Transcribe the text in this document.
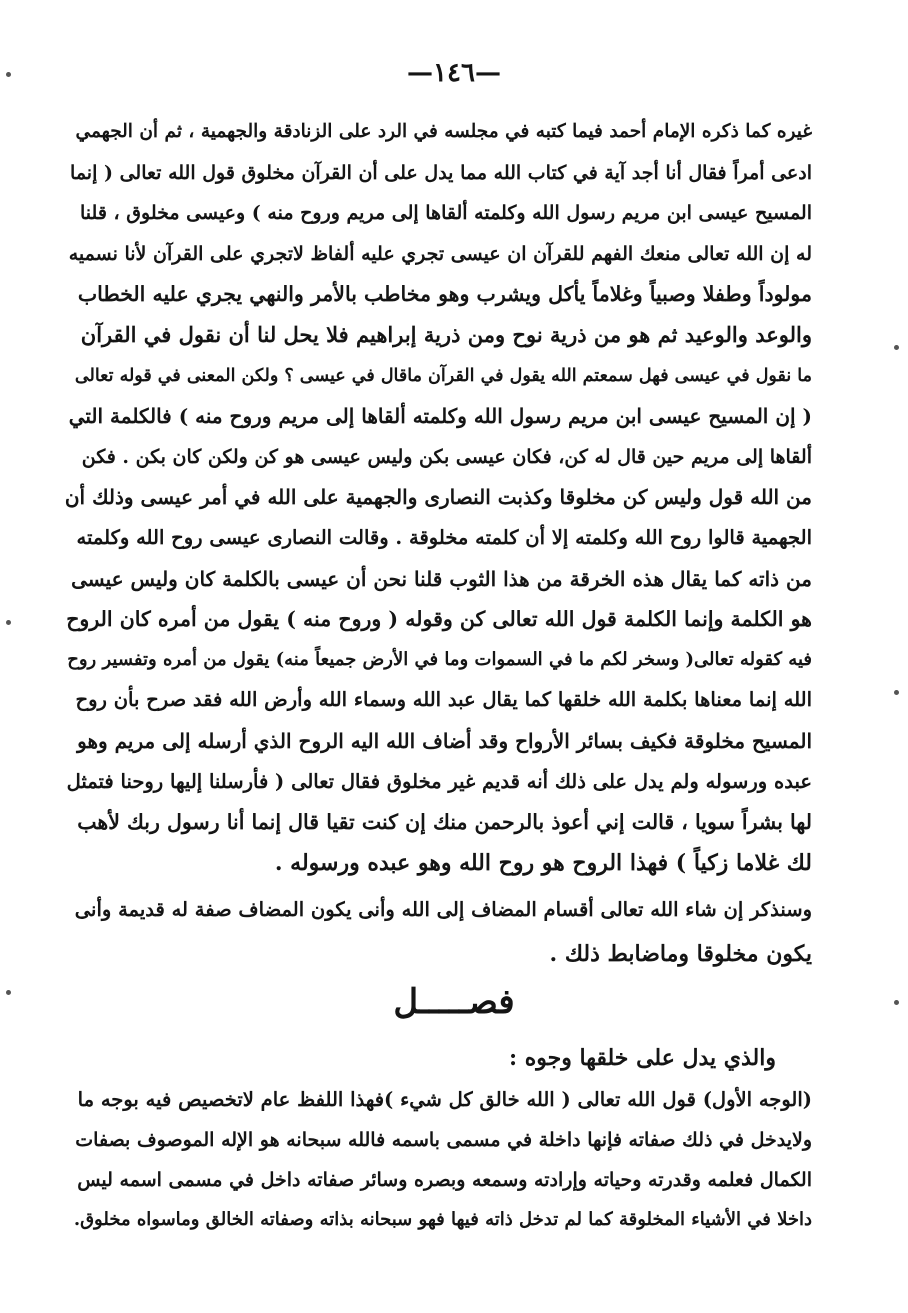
—١٤٦—
غيره كما ذكره الإمام أحمد فيما كتبه في مجلسه في الرد على الزنادقة والجهمية ، ثم أن الجهمي
ادعى أمراً فقال أنا أجد آية في كتاب الله مما يدل على أن القرآن مخلوق قول الله تعالى ( إنما
المسيح عيسى ابن مريم رسول الله وكلمته ألقاها إلى مريم وروح منه ) وعيسى مخلوق ، قلنا
له إن الله تعالى منعك الفهم للقرآن ان عيسى تجري عليه ألفاظ لاتجري على القرآن لأنا نسميه
مولوداً وطفلا وصبياً وغلاماً يأكل ويشرب وهو مخاطب بالأمر والنهي يجري عليه الخطاب
والوعد والوعيد ثم هو من ذرية نوح ومن ذرية إبراهيم فلا يحل لنا أن نقول في القرآن
ما نقول في عيسى فهل سمعتم الله يقول في القرآن ماقال في عيسى ؟ ولكن المعنى في قوله تعالى
( إن المسيح عيسى ابن مريم رسول الله وكلمته ألقاها إلى مريم وروح منه ) فالكلمة التي
ألقاها إلى مريم حين قال له كن، فكان عيسى بكن وليس عيسى هو كن ولكن كان بكن . فكن
من الله قول وليس كن مخلوقا وكذبت النصارى والجهمية على الله في أمر عيسى وذلك أن
الجهمية قالوا روح الله وكلمته إلا أن كلمته مخلوقة . وقالت النصارى عيسى روح الله وكلمته
من ذاته كما يقال هذه الخرقة من هذا الثوب قلنا نحن أن عيسى بالكلمة كان وليس عيسى
هو الكلمة وإنما الكلمة قول الله تعالى كن وقوله ( وروح منه ) يقول من أمره كان الروح
فيه كقوله تعالى( وسخر لكم ما في السموات وما في الأرض جميعاً منه) يقول من أمره وتفسير روح
الله إنما معناها بكلمة الله خلقها كما يقال عبد الله وسماء الله وأرض الله فقد صرح بأن روح
المسيح مخلوقة فكيف بسائر الأرواح وقد أضاف الله اليه الروح الذي أرسله إلى مريم وهو
عبده ورسوله ولم يدل على ذلك أنه قديم غير مخلوق فقال تعالى ( فأرسلنا إليها روحنا فتمثل
لها بشراً سويا ، قالت إني أعوذ بالرحمن منك إن كنت تقيا قال إنما أنا رسول ربك لأهب
لك غلاما زكياً ) فهذا الروح هو روح الله وهو عبده ورسوله .
وسنذكر إن شاء الله تعالى أقسام المضاف إلى الله وأنى يكون المضاف صفة له قديمة وأنى
يكون مخلوقا وماضابط ذلك .
فصـــــل
والذي يدل على خلقها وجوه :
(الوجه الأول) قول الله تعالى ( الله خالق كل شيء )فهذا اللفظ عام لاتخصيص فيه بوجه ما
ولايدخل في ذلك صفاته فإنها داخلة في مسمى باسمه فالله سبحانه هو الإله الموصوف بصفات
الكمال فعلمه وقدرته وحياته وإرادته وسمعه وبصره وسائر صفاته داخل في مسمى اسمه ليس
داخلا في الأشياء المخلوقة كما لم تدخل ذاته فيها فهو سبحانه بذاته وصفاته الخالق وماسواه مخلوق.
